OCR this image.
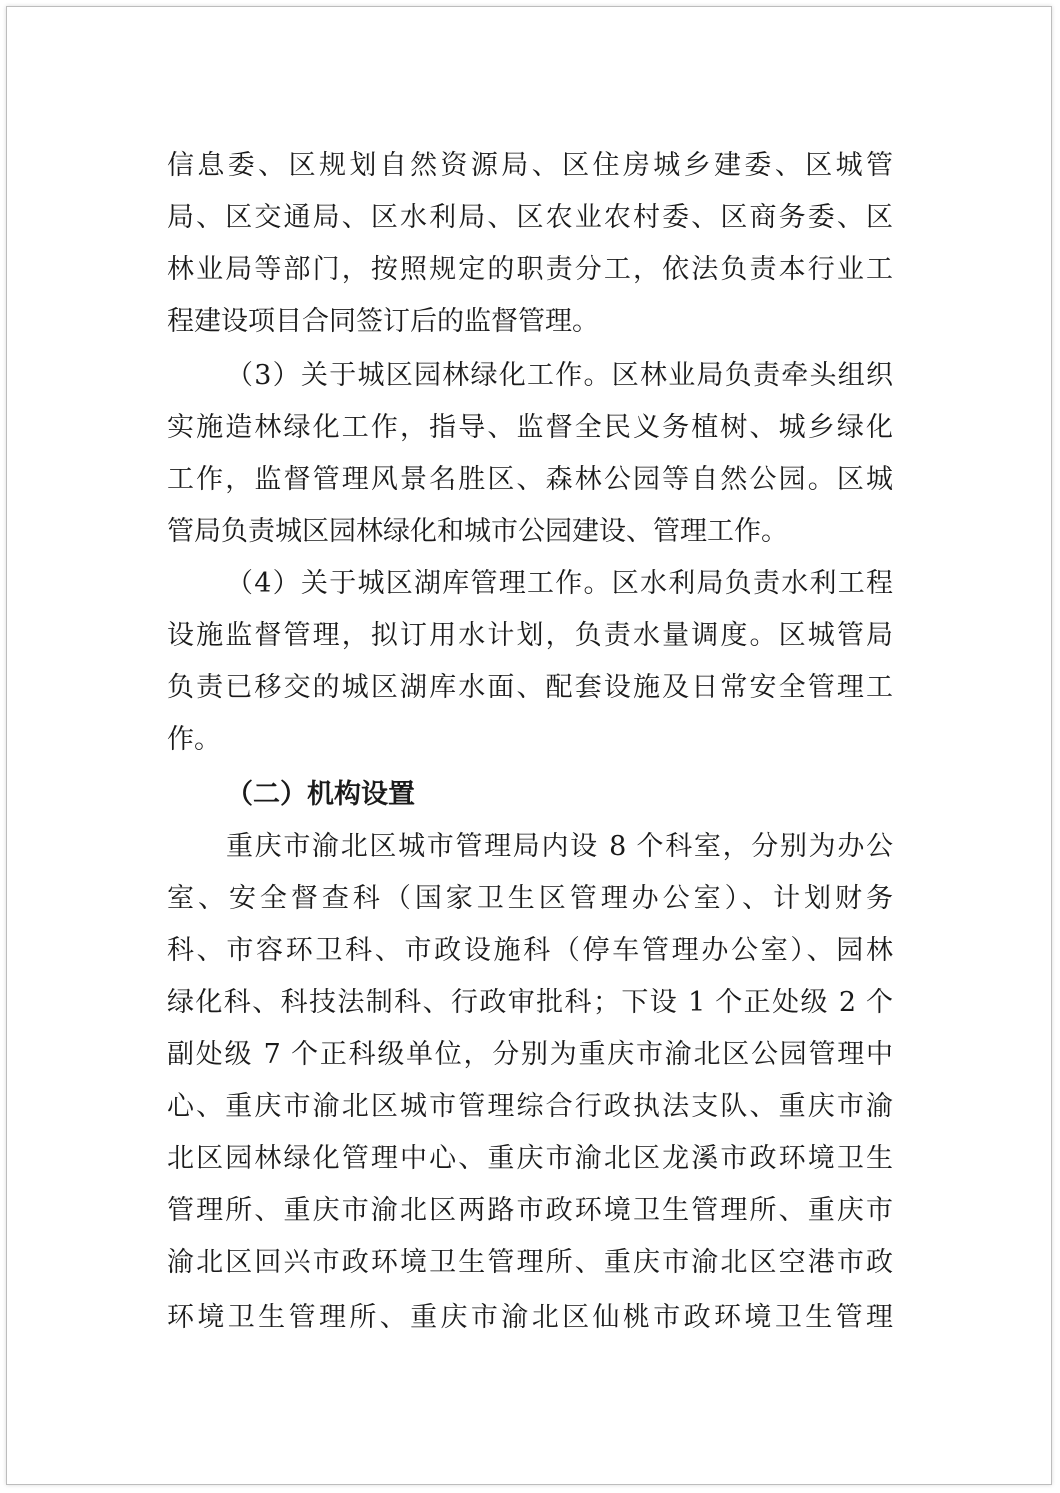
信息委、区规划自然资源局、区住房城乡建委、区城管
局、区交通局、区水利局、区农业农村委、区商务委、区
林业局等部门，按照规定的职责分工，依法负责本行业工
程建设项目合同签订后的监督管理。
（3）关于城区园林绿化工作。区林业局负责牵头组织
实施造林绿化工作，指导、监督全民义务植树、城乡绿化
工作，监督管理风景名胜区、森林公园等自然公园。区城
管局负责城区园林绿化和城市公园建设、管理工作。
（4）关于城区湖库管理工作。区水利局负责水利工程
设施监督管理，拟订用水计划，负责水量调度。区城管局
负责已移交的城区湖库水面、配套设施及日常安全管理工
作。
（二）机构设置
重庆市渝北区城市管理局内设 8 个科室，分别为办公
室、安全督查科（国家卫生区管理办公室）、计划财务
科、市容环卫科、市政设施科（停车管理办公室）、园林
绿化科、科技法制科、行政审批科；下设 1 个正处级 2 个
副处级 7 个正科级单位，分别为重庆市渝北区公园管理中
心、重庆市渝北区城市管理综合行政执法支队、重庆市渝
北区园林绿化管理中心、重庆市渝北区龙溪市政环境卫生
管理所、重庆市渝北区两路市政环境卫生管理所、重庆市
渝北区回兴市政环境卫生管理所、重庆市渝北区空港市政
环境卫生管理所、重庆市渝北区仙桃市政环境卫生管理
